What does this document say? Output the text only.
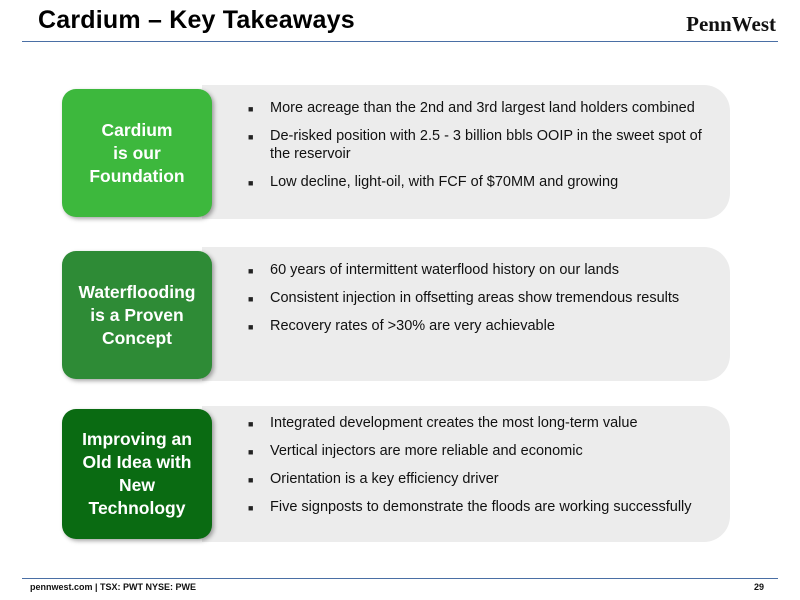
Cardium – Key Takeaways	PennWest
Cardium
is our
Foundation
■ More acreage than the 2nd and 3rd largest land holders combined
■ De-risked position with 2.5 - 3 billion bbls OOIP in the sweet spot of the reservoir
■ Low decline, light-oil, with FCF of $70MM and growing
Waterflooding
is a Proven
Concept
■ 60 years of intermittent waterflood history on our lands
■ Consistent injection in offsetting areas show tremendous results
■ Recovery rates of >30% are very achievable
Improving an
Old Idea with
New
Technology
■ Integrated development creates the most long-term value
■ Vertical injectors are more reliable and economic
■ Orientation is a key efficiency driver
■ Five signposts to demonstrate the floods are working successfully
pennwest.com | TSX: PWT NYSE: PWE	29
